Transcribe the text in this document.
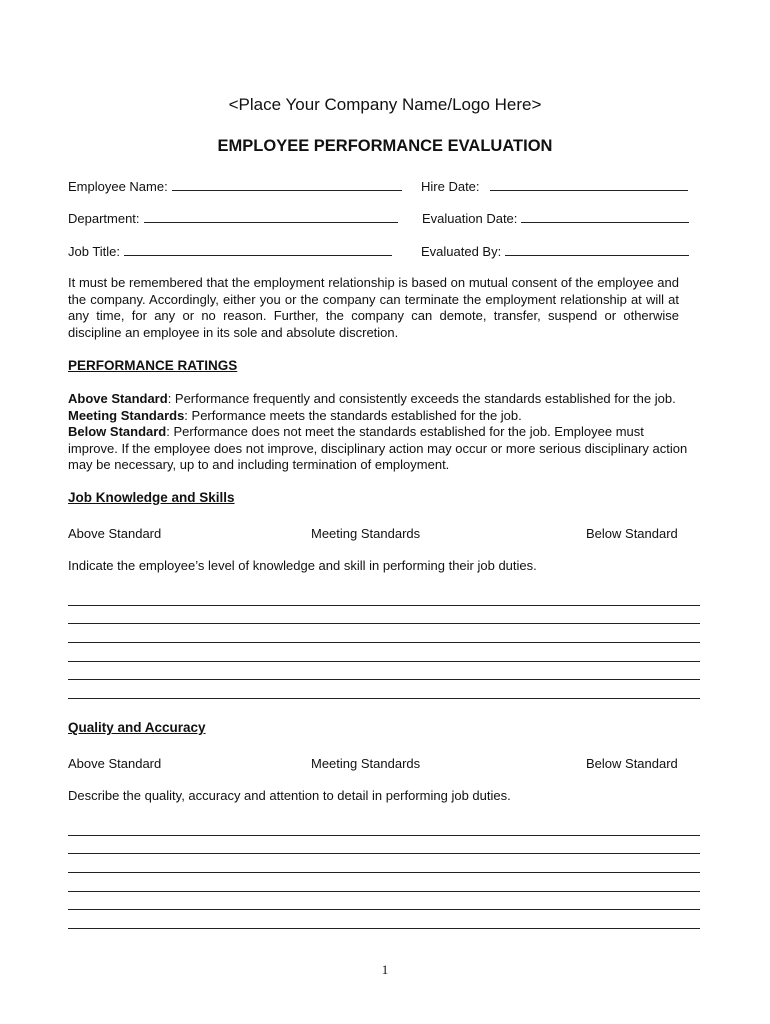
<Place Your Company Name/Logo Here>
EMPLOYEE PERFORMANCE EVALUATION
Employee Name:	Hire Date:
Department:	Evaluation Date:
Job Title:	Evaluated By:
It must be remembered that the employment relationship is based on mutual consent of the employee and the company. Accordingly, either you or the company can terminate the employment relationship at will at any time, for any or no reason. Further, the company can demote, transfer, suspend or otherwise discipline an employee in its sole and absolute discretion.
PERFORMANCE RATINGS
Above Standard: Performance frequently and consistently exceeds the standards established for the job.
Meeting Standards: Performance meets the standards established for the job.
Below Standard: Performance does not meet the standards established for the job. Employee must improve. If the employee does not improve, disciplinary action may occur or more serious disciplinary action may be necessary, up to and including termination of employment.
Job Knowledge and Skills
Above Standard	Meeting Standards	Below Standard
Indicate the employee’s level of knowledge and skill in performing their job duties.
Quality and Accuracy
Above Standard	Meeting Standards	Below Standard
Describe the quality, accuracy and attention to detail in performing job duties.
1
